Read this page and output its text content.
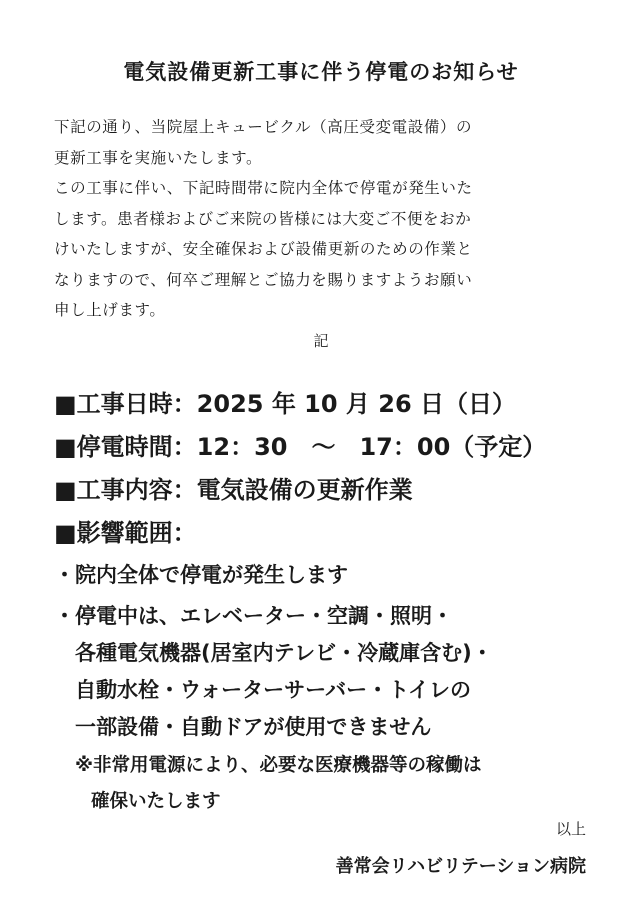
電気設備更新工事に伴う停電のお知らせ

下記の通り、当院屋上キュービクル（高圧受変電設備）の

更新工事を実施いたします。

この工事に伴い、下記時間帯に院内全体で停電が発生いた

します。患者様およびご来院の皆様には大変ご不便をおか

けいたしますが、安全確保および設備更新のための作業と

なりますので、何卒ご理解とご協力を賜りますようお願い

申し上げます。

記

■工事日時：2025 年 10 月 26 日（日）

■停電時間：12：30　～　17：00（予定）

■工事内容：電気設備の更新作業

■影響範囲：

・院内全体で停電が発生します

・停電中は、エレベーター・空調・照明・

各種電気機器(居室内テレビ・冷蔵庫含む)・

自動水栓・ウォーターサーバー・トイレの

一部設備・自動ドアが使用できません

※非常用電源により、必要な医療機器等の稼働は

確保いたします

以上
善常会リハビリテーション病院
